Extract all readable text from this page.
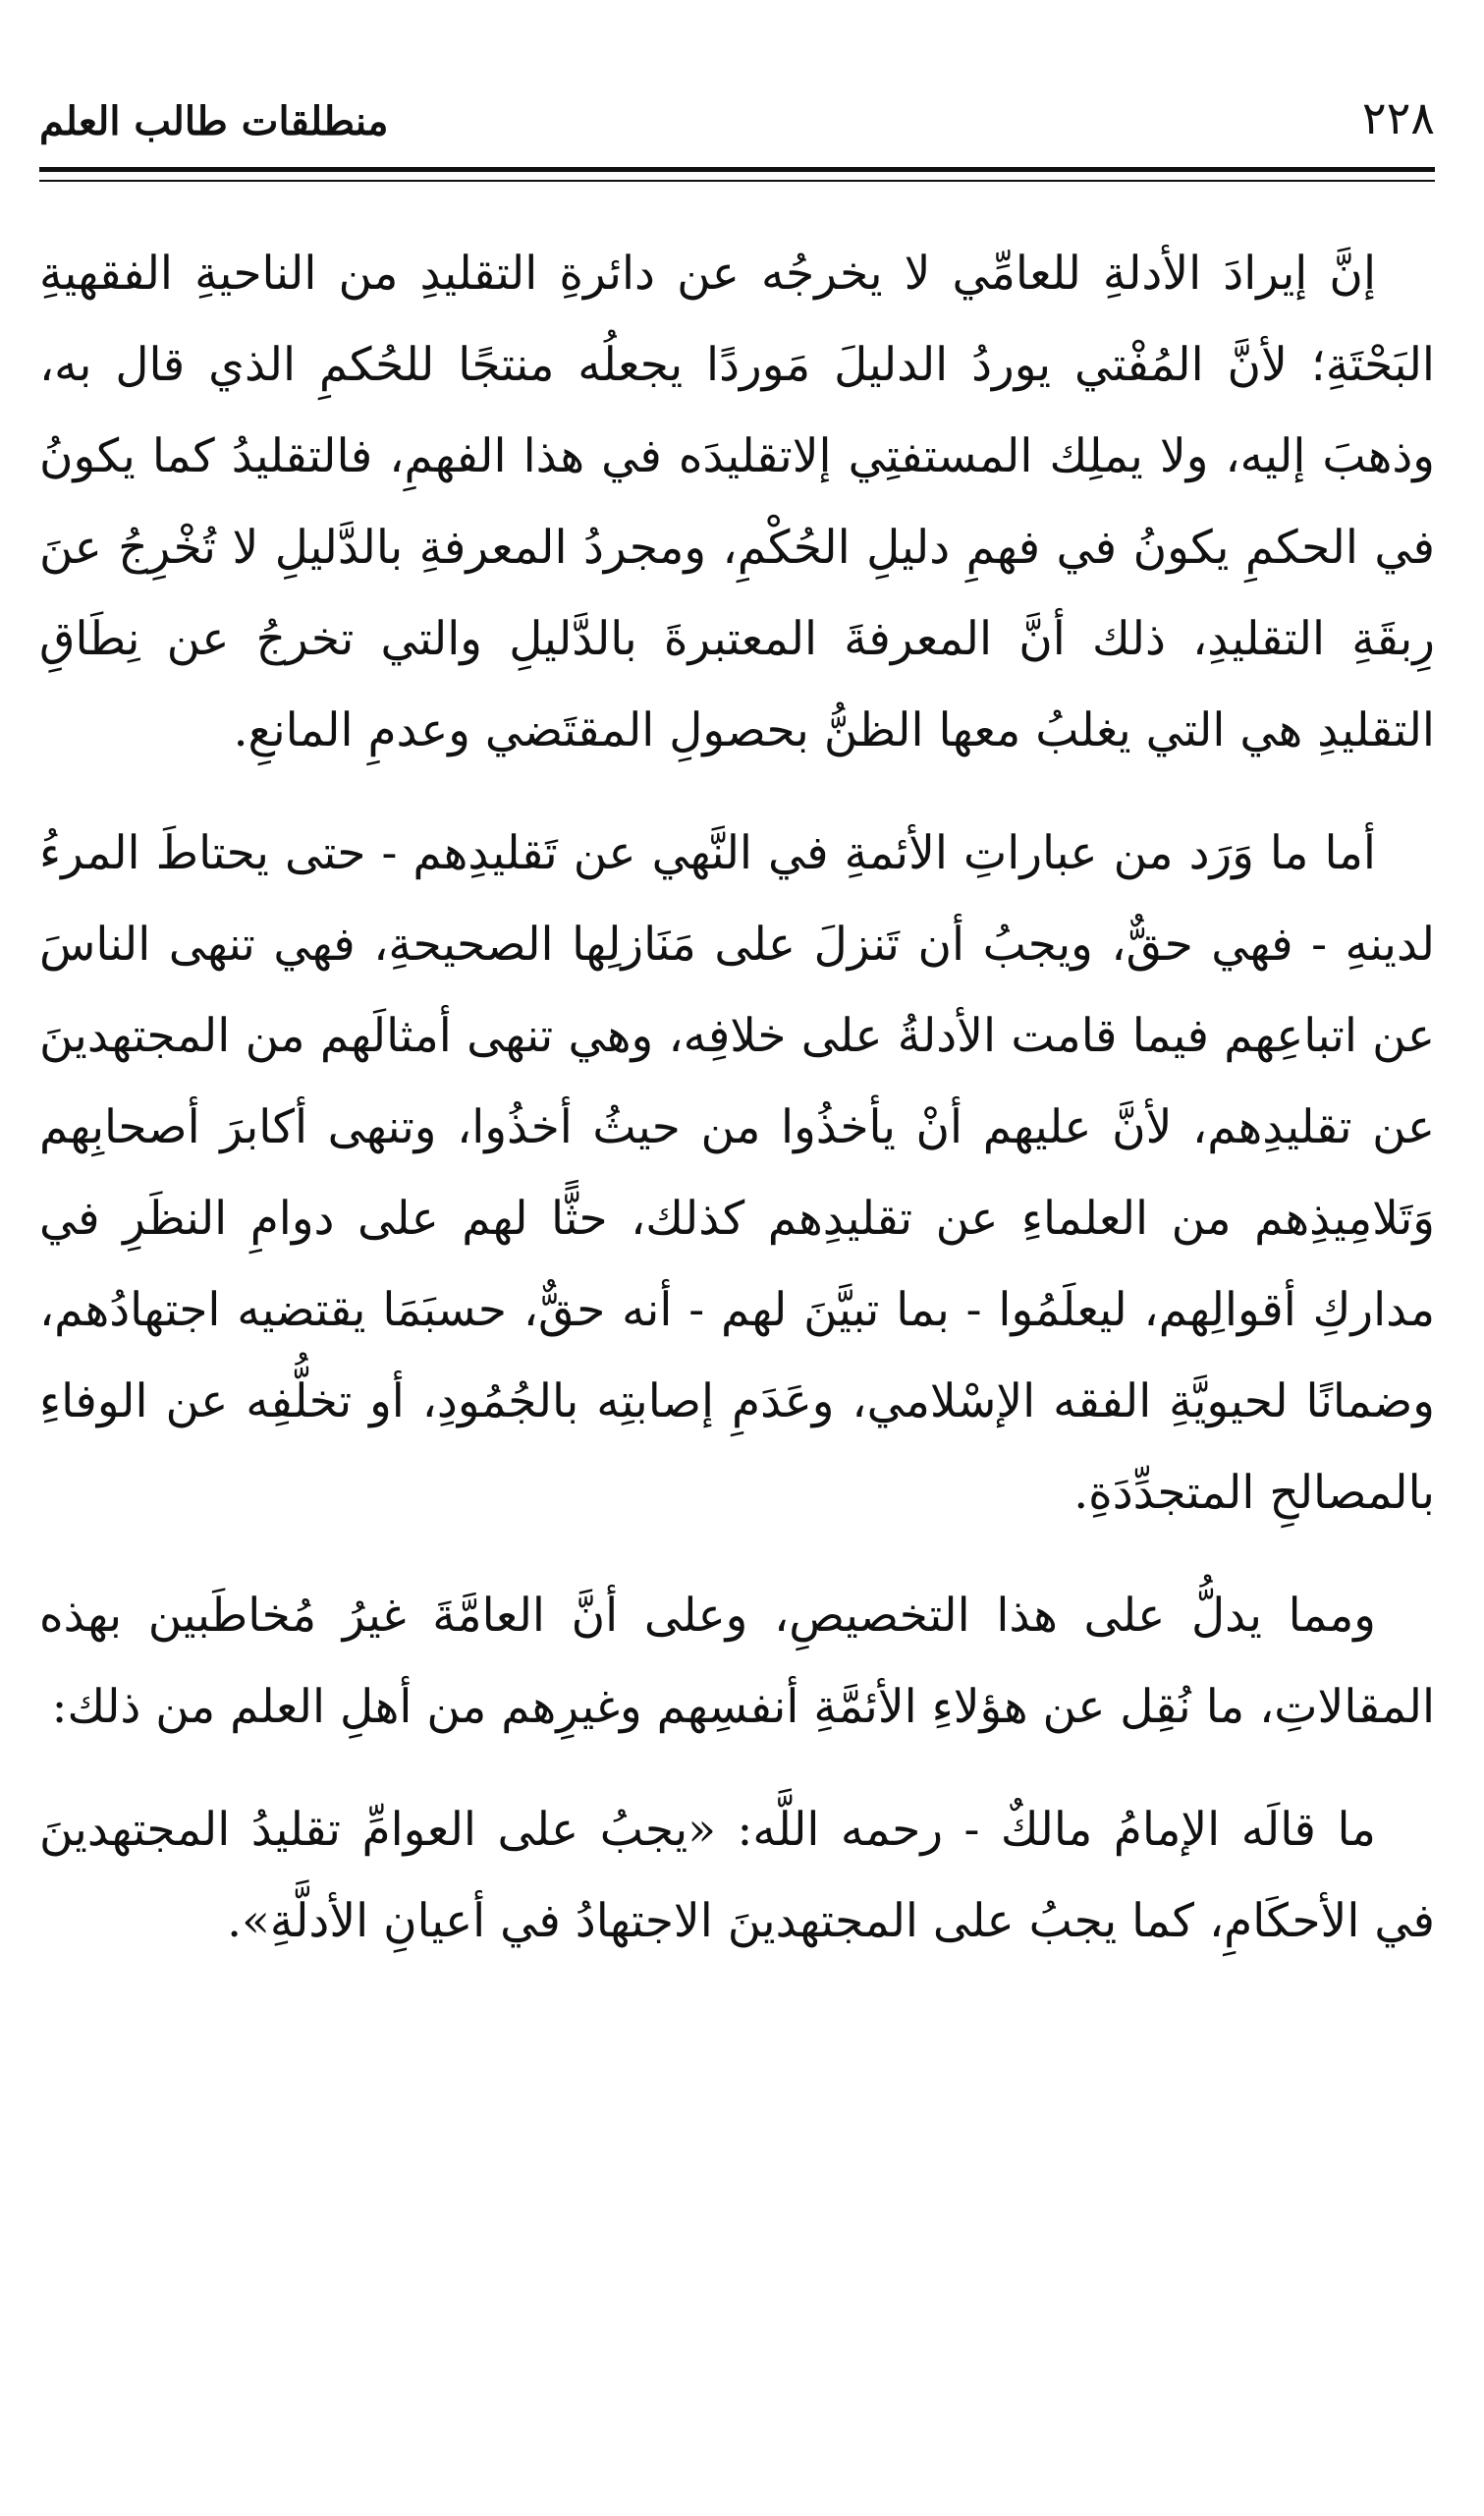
٢٢٨
منطلقات طالب العلم

إنَّ إيرادَ الأدلةِ للعامِّي لا يخرجُه عن دائرةِ التقليدِ من الناحيةِ الفقهيةِ البَحْتَةِ؛ لأنَّ المُفْتي يوردُ الدليلَ مَوردًا يجعلُه منتجًا للحُكمِ الذي قال به، وذهبَ إليه، ولا يملِك المستفتِي إلاتقليدَه في هذا الفهمِ، فالتقليدُ كما يكونُ في الحكمِ يكونُ في فهمِ دليلِ الحُكْمِ، ومجردُ المعرفةِ بالدَّليلِ لا تُخْرِجُ عنَ رِبقَةِ التقليدِ، ذلك أنَّ المعرفةَ المعتبرةَ بالدَّليلِ والتي تخرجُ عن نِطَاقِ التقليدِ هي التي يغلبُ معها الظنُّ بحصولِ المقتَضي وعدمِ المانعِ.

أما ما وَرَد من عباراتِ الأئمةِ في النَّهي عن تَقليدِهم - حتى يحتاطَ المرءُ لدينهِ - فهي حقٌّ، ويجبُ أن تَنزلَ على مَنَازلِها الصحيحةِ، فهي تنهى الناسَ عن اتباعِهم فيما قامت الأدلةُ على خلافِه، وهي تنهى أمثالَهم من المجتهدينَ عن تقليدِهم، لأنَّ عليهم أنْ يأخذُوا من حيثُ أخذُوا، وتنهى أكابرَ أصحابِهم وَتَلامِيذِهم من العلماءِ عن تقليدِهم كذلك، حثًّا لهم على دوامِ النظَرِ في مداركِ أقوالِهم، ليعلَمُوا - بما تبيَّنَ لهم - أنه حقٌّ، حسبَمَا يقتضيه اجتهادُهم، وضمانًا لحيويَّةِ الفقه الإسْلامي، وعَدَمِ إصابتِه بالجُمُودِ، أو تخلُّفِه عن الوفاءِ بالمصالحِ المتجدِّدَةِ.

ومما يدلُّ على هذا التخصيصِ، وعلى أنَّ العامَّةَ غيرُ مُخاطَبين بهذه المقالاتِ، ما نُقِل عن هؤلاءِ الأئمَّةِ أنفسِهم وغيرِهم من أهلِ العلم من ذلك:

ما قالَه الإمامُ مالكٌ - رحمه اللَّه: «يجبُ على العوامِّ تقليدُ المجتهدينَ في الأحكَامِ، كما يجبُ على المجتهدينَ الاجتهادُ في أعيانِ الأدلَّةِ».
